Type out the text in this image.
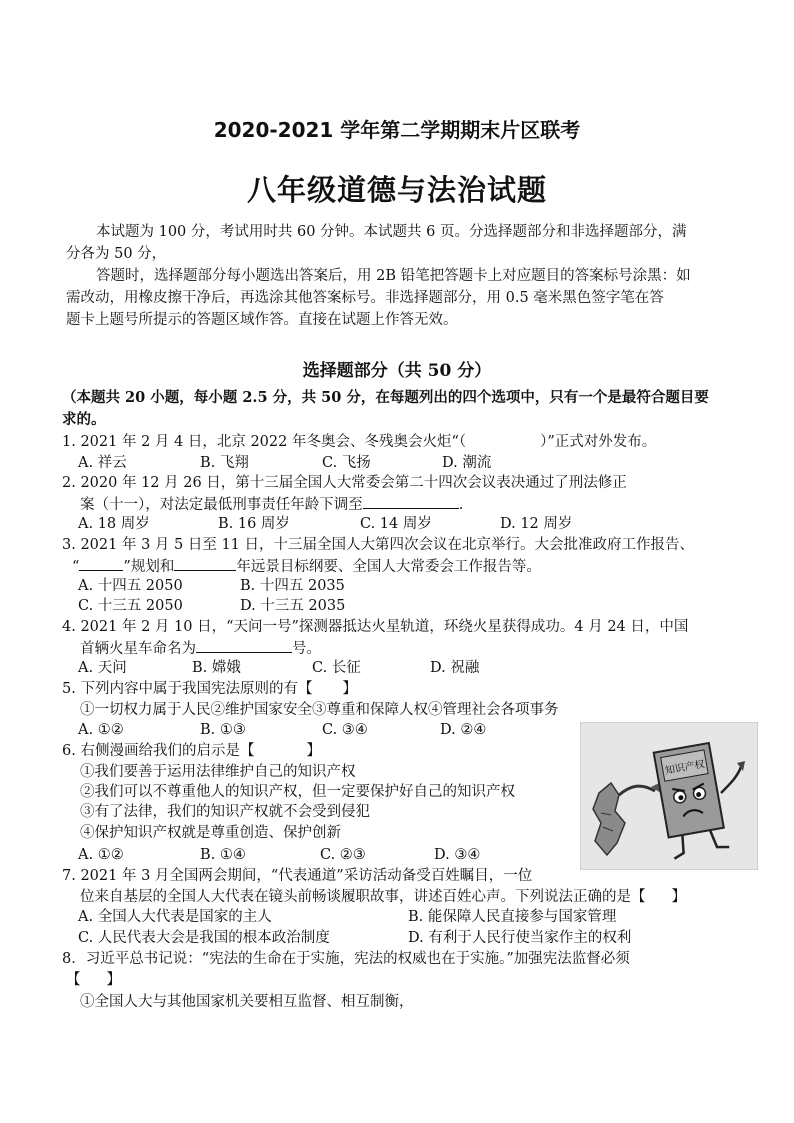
2020-2021 学年第二学期期末片区联考
八年级道德与法治试题
本试题为 100 分，考试用时共 60 分钟。本试题共 6 页。分选择题部分和非选择题部分，满
分各为 50 分，
答题时，选择题部分每小题选出答案后，用 2B 铅笔把答题卡上对应题目的答案标号涂黑：如
需改动，用橡皮擦干净后，再选涂其他答案标号。非选择题部分，用 0.5 毫米黑色签字笔在答
题卡上题号所提示的答题区域作答。直接在试题上作答无效。
选择题部分（共 50 分）
（本题共 20 小题，每小题 2.5 分，共 50 分，在每题列出的四个选项中，只有一个是最符合题目要
求的。
1. 2021 年 2 月 4 日，北京 2022 年冬奥会、冬残奥会火炬“（	）”正式对外发布。
A. 祥云	B. 飞翔	C. 飞扬	D. 潮流
2. 2020 年 12 月 26 日，第十三届全国人大常委会第二十四次会议表决通过了刑法修正
案（十一），对法定最低刑事责任年龄下调至	.
A. 18 周岁	B. 16 周岁	C. 14 周岁	D. 12 周岁
3. 2021 年 3 月 5 日至 11 日，十三届全国人大第四次会议在北京举行。大会批准政府工作报告、
“	”规划和	年远景目标纲要、全国人大常委会工作报告等。
A. 十四五 2050	B. 十四五 2035
C. 十三五 2050	D. 十三五 2035
4. 2021 年 2 月 10 日，“天问一号”探测器抵达火星轨道，环绕火星获得成功。4 月 24 日，中国
首辆火星车命名为	号。
A. 天问	B. 嫦娥	C. 长征	D. 祝融
5. 下列内容中属于我国宪法原则的有【 】
①一切权力属于人民②维护国家安全③尊重和保障人权④管理社会各项事务
A. ①②	B. ①③	C. ③④	D. ②④
6. 右侧漫画给我们的启示是【	】
①我们要善于运用法律维护自己的知识产权
②我们可以不尊重他人的知识产权，但一定要保护好自己的知识产权
③有了法律，我们的知识产权就不会受到侵犯
④保护知识产权就是尊重创造、保护创新
A. ①②	B. ①④	C. ②③	D. ③④
知识产权
7. 2021 年 3 月全国两会期间，“代表通道”采访活动备受百姓瞩目，一位
位来自基层的全国人大代表在镜头前畅谈履职故事，讲述百姓心声。下列说法正确的是【 】
A. 全国人大代表是国家的主人	B. 能保障人民直接参与国家管理
C. 人民代表大会是我国的根本政治制度	D. 有利于人民行使当家作主的权利
8．习近平总书记说：“宪法的生命在于实施，宪法的权威也在于实施。”加强宪法监督必须
【 】
①全国人大与其他国家机关要相互监督、相互制衡，
